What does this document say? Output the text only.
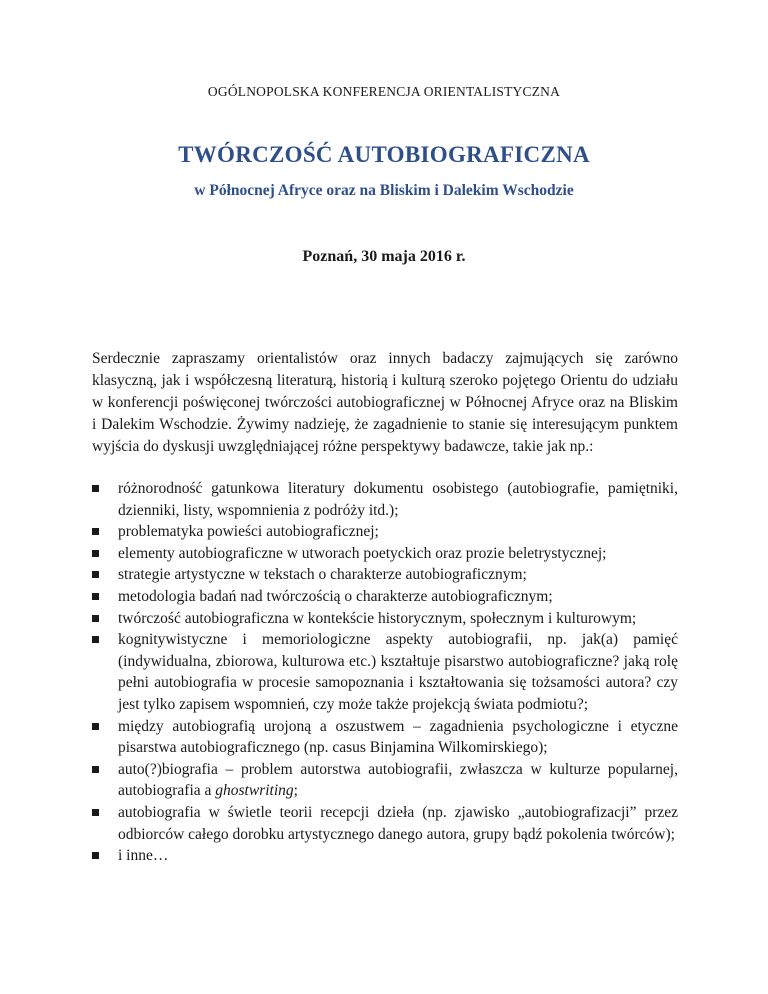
OGÓLNOPOLSKA KONFERENCJA ORIENTALISTYCZNA
TWÓRCZOŚĆ AUTOBIOGRAFICZNA
w Północnej Afryce oraz na Bliskim i Dalekim Wschodzie
Poznań, 30 maja 2016 r.

Serdecznie zapraszamy orientalistów oraz innych badaczy zajmujących się zarówno klasyczną, jak i współczesną literaturą, historią i kulturą szeroko pojętego Orientu do udziału w konferencji poświęconej twórczości autobiograficznej w Północnej Afryce oraz na Bliskim i Dalekim Wschodzie. Żywimy nadzieję, że zagadnienie to stanie się interesującym punktem wyjścia do dyskusji uwzględniającej różne perspektywy badawcze, takie jak np.:

różnorodność gatunkowa literatury dokumentu osobistego (autobiografie, pamiętniki, dzienniki, listy, wspomnienia z podróży itd.);
problematyka powieści autobiograficznej;
elementy autobiograficzne w utworach poetyckich oraz prozie beletrystycznej;
strategie artystyczne w tekstach o charakterze autobiograficznym;
metodologia badań nad twórczością o charakterze autobiograficznym;
twórczość autobiograficzna w kontekście historycznym, społecznym i kulturowym;
kognitywistyczne i memoriologiczne aspekty autobiografii, np. jak(a) pamięć (indywidualna, zbiorowa, kulturowa etc.) kształtuje pisarstwo autobiograficzne? jaką rolę pełni autobiografia w procesie samopoznania i kształtowania się tożsamości autora? czy jest tylko zapisem wspomnień, czy może także projekcją świata podmiotu?;
między autobiografią urojoną a oszustwem – zagadnienia psychologiczne i etyczne pisarstwa autobiograficznego (np. casus Binjamina Wilkomirskiego);
auto(?)biografia – problem autorstwa autobiografii, zwłaszcza w kulturze popularnej, autobiografia a ghostwriting;
autobiografia w świetle teorii recepcji dzieła (np. zjawisko „autobiografizacji” przez odbiorców całego dorobku artystycznego danego autora, grupy bądź pokolenia twórców);
i inne…
